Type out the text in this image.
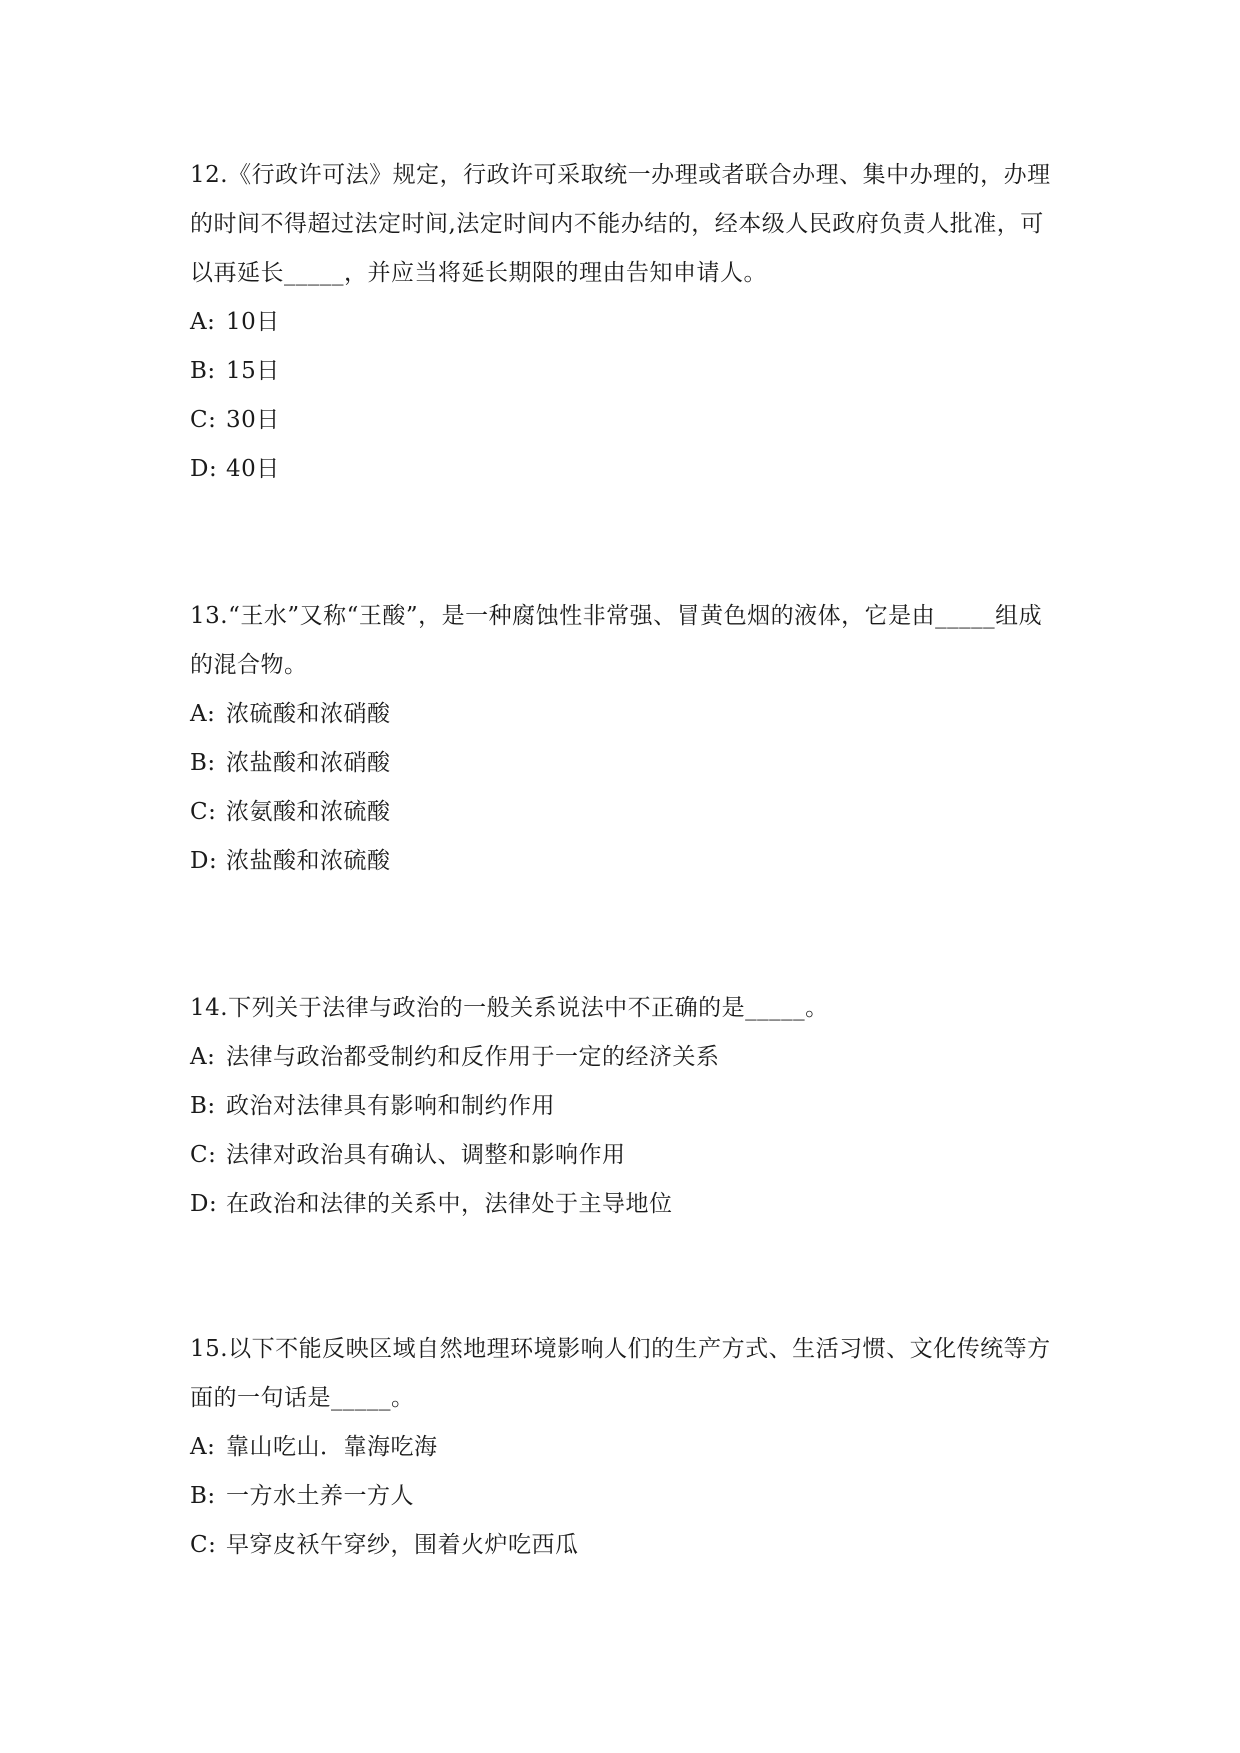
12.《行政许可法》规定，行政许可采取统一办理或者联合办理、集中办理的，办理的时间不得超过法定时间,法定时间内不能办结的，经本级人民政府负责人批准，可以再延长_____，并应当将延长期限的理由告知申请人。

A: 10日

B: 15日

C: 30日

D: 40日

13.“王水”又称“王酸”，是一种腐蚀性非常强、冒黄色烟的液体，它是由_____组成的混合物。

A: 浓硫酸和浓硝酸

B: 浓盐酸和浓硝酸

C: 浓氨酸和浓硫酸

D: 浓盐酸和浓硫酸

14.下列关于法律与政治的一般关系说法中不正确的是_____。

A: 法律与政治都受制约和反作用于一定的经济关系

B: 政治对法律具有影响和制约作用

C: 法律对政治具有确认、调整和影响作用

D: 在政治和法律的关系中，法律处于主导地位

15.以下不能反映区域自然地理环境影响人们的生产方式、生活习惯、文化传统等方面的一句话是_____。

A: 靠山吃山．靠海吃海

B: 一方水土养一方人

C: 早穿皮袄午穿纱，围着火炉吃西瓜
